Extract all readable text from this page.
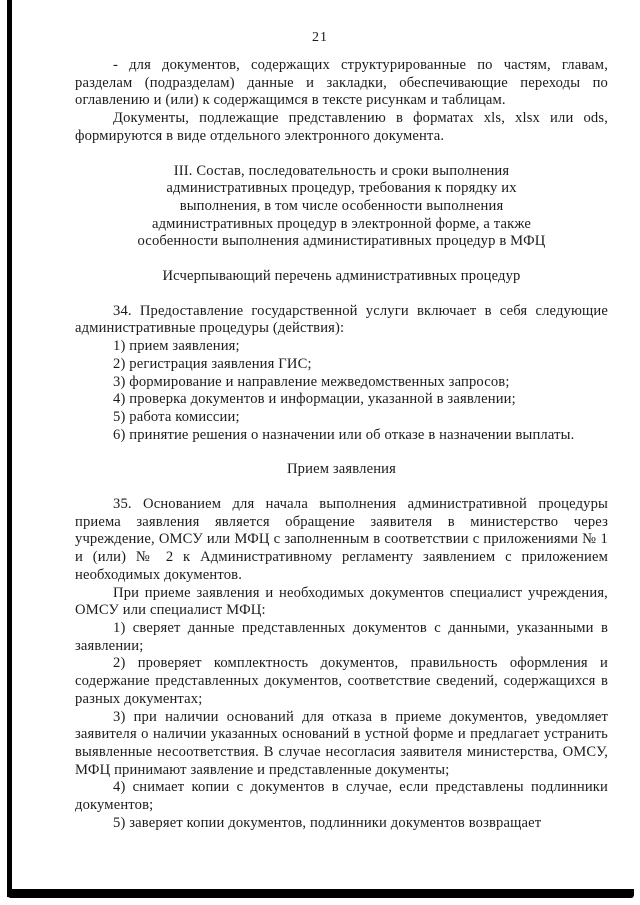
21

- для документов, содержащих структурированные по частям, главам, разделам (подразделам) данные и закладки, обеспечивающие переходы по оглавлению и (или) к содержащимся в тексте рисункам и таблицам.

Документы, подлежащие представлению в форматах xls, xlsx или ods, формируются в виде отдельного электронного документа.

III. Состав, последовательность и сроки выполнения
административных процедур, требования к порядку их
выполнения, в том числе особенности выполнения
административных процедур в электронной форме, а также
особенности выполнения администиративных процедур в МФЦ
Исчерпывающий перечень административных процедур

34. Предоставление государственной услуги включает в себя следующие административные процедуры (действия):

1) прием заявления;

2) регистрация заявления ГИС;

3) формирование и направление межведомственных запросов;

4) проверка документов и информации, указанной в заявлении;

5) работа комиссии;

6) принятие решения о назначении или об отказе в назначении выплаты.

Прием заявления

35. Основанием для начала выполнения административной процедуры приема заявления является обращение заявителя в министерство через учреждение, ОМСУ или МФЦ с заполненным в соответствии с приложениями № 1 и (или) № 2 к Административному регламенту заявлением с приложением необходимых документов.

При приеме заявления и необходимых документов специалист учреждения, ОМСУ или специалист МФЦ:

1) сверяет данные представленных документов с данными, указанными в заявлении;

2) проверяет комплектность документов, правильность оформления и содержание представленных документов, соответствие сведений, содержащихся в разных документах;

3) при наличии оснований для отказа в приеме документов, уведомляет заявителя о наличии указанных оснований в устной форме и предлагает устранить выявленные несоответствия. В случае несогласия заявителя министерства, ОМСУ, МФЦ принимают заявление и представленные документы;

4) снимает копии с документов в случае, если представлены подлинники документов;

5) заверяет копии документов, подлинники документов возвращает
